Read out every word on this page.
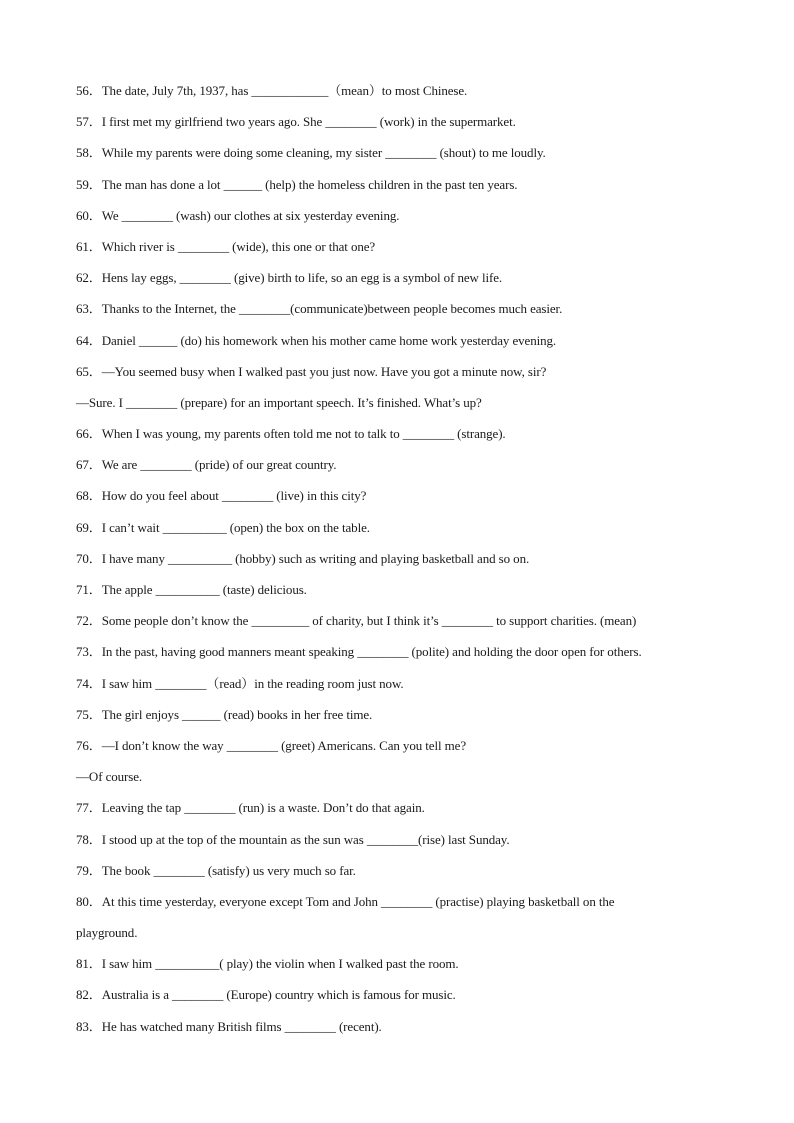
56．The date, July 7th, 1937, has ____________（mean）to most Chinese.
57．I first met my girlfriend two years ago. She ________ (work) in the supermarket.
58．While my parents were doing some cleaning, my sister ________ (shout) to me loudly.
59．The man has done a lot ______ (help) the homeless children in the past ten years.
60．We ________ (wash) our clothes at six yesterday evening.
61．Which river is ________ (wide), this one or that one?
62．Hens lay eggs, ________ (give) birth to life, so an egg is a symbol of new life.
63．Thanks to the Internet, the ________(communicate)between people becomes much easier.
64．Daniel ______ (do) his homework when his mother came home work yesterday evening.
65．—You seemed busy when I walked past you just now. Have you got a minute now, sir?
—Sure. I ________ (prepare) for an important speech. It’s finished. What’s up?
66．When I was young, my parents often told me not to talk to ________ (strange).
67．We are ________ (pride) of our great country.
68．How do you feel about ________ (live) in this city?
69．I can’t wait __________ (open) the box on the table.
70．I have many __________ (hobby) such as writing and playing basketball and so on.
71．The apple __________ (taste) delicious.
72．Some people don’t know the _________ of charity, but I think it’s ________ to support charities. (mean)
73．In the past, having good manners meant speaking ________ (polite) and holding the door open for others.
74．I saw him ________（read）in the reading room just now.
75．The girl enjoys ______ (read) books in her free time.
76．—I don’t know the way ________ (greet) Americans. Can you tell me?
—Of course.
77．Leaving the tap ________ (run) is a waste. Don’t do that again.
78．I stood up at the top of the mountain as the sun was ________(rise) last Sunday.
79．The book ________ (satisfy) us very much so far.
80．At this time yesterday, everyone except Tom and John ________ (practise) playing basketball on the
playground.
81．I saw him __________( play) the violin when I walked past the room.
82．Australia is a ________ (Europe) country which is famous for music.
83．He has watched many British films ________ (recent).
